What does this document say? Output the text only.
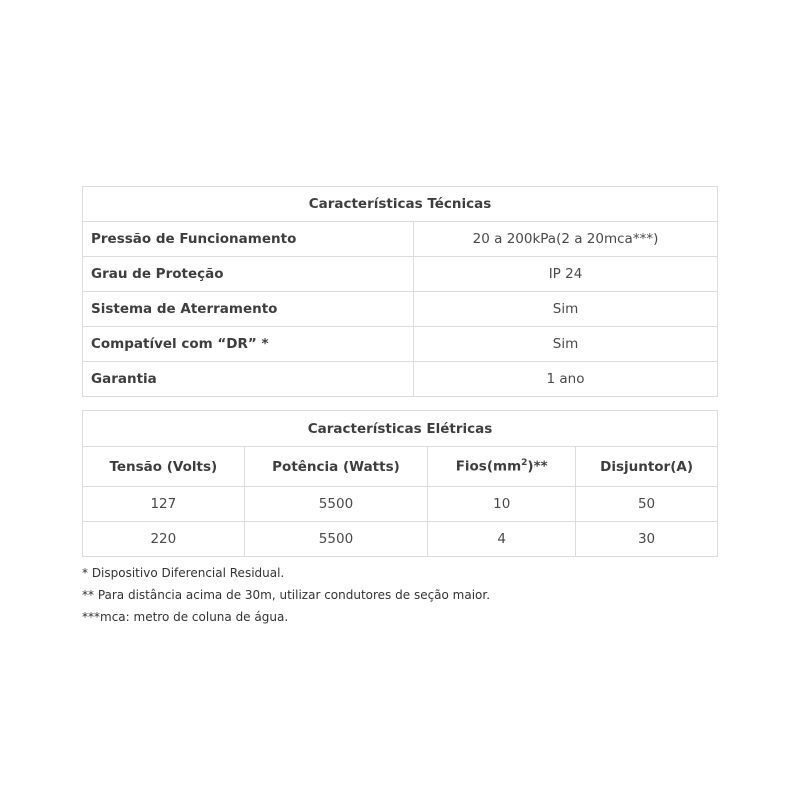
Características Técnicas	
Pressão de Funcionamento	20 a 200kPa(2 a 20mca***)
Grau de Proteção	IP 24
Sistema de Aterramento	Sim
Compatível com “DR” *	Sim
Garantia	1 ano
Características Elétricas			
Tensão (Volts)	Potência (Watts)	$Fios(mm^2)**$	Disjuntor(A)
127	5500	10	50
220	5500	4	30
* Dispositivo Diferencial Residual.
** Para distância acima de 30m, utilizar condutores de seção maior.
***mca: metro de coluna de água.
